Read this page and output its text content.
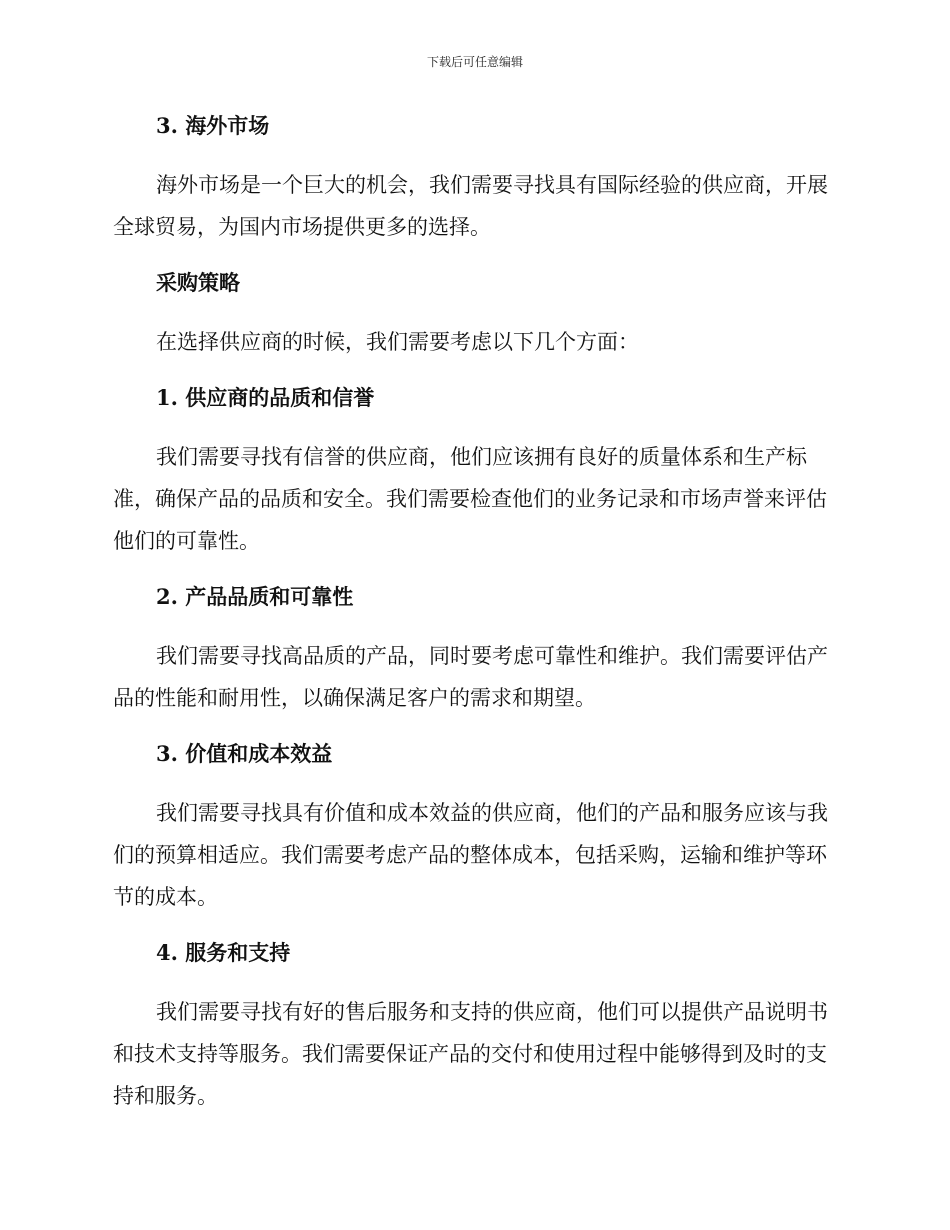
下载后可任意编辑
3. 海外市场

海外市场是一个巨大的机会，我们需要寻找具有国际经验的供应商，开展全球贸易，为国内市场提供更多的选择。

采购策略

在选择供应商的时候，我们需要考虑以下几个方面：

1. 供应商的品质和信誉

我们需要寻找有信誉的供应商，他们应该拥有良好的质量体系和生产标准，确保产品的品质和安全。我们需要检查他们的业务记录和市场声誉来评估他们的可靠性。

2. 产品品质和可靠性

我们需要寻找高品质的产品，同时要考虑可靠性和维护。我们需要评估产品的性能和耐用性，以确保满足客户的需求和期望。

3. 价值和成本效益

我们需要寻找具有价值和成本效益的供应商，他们的产品和服务应该与我们的预算相适应。我们需要考虑产品的整体成本，包括采购，运输和维护等环节的成本。

4. 服务和支持

我们需要寻找有好的售后服务和支持的供应商，他们可以提供产品说明书和技术支持等服务。我们需要保证产品的交付和使用过程中能够得到及时的支持和服务。
